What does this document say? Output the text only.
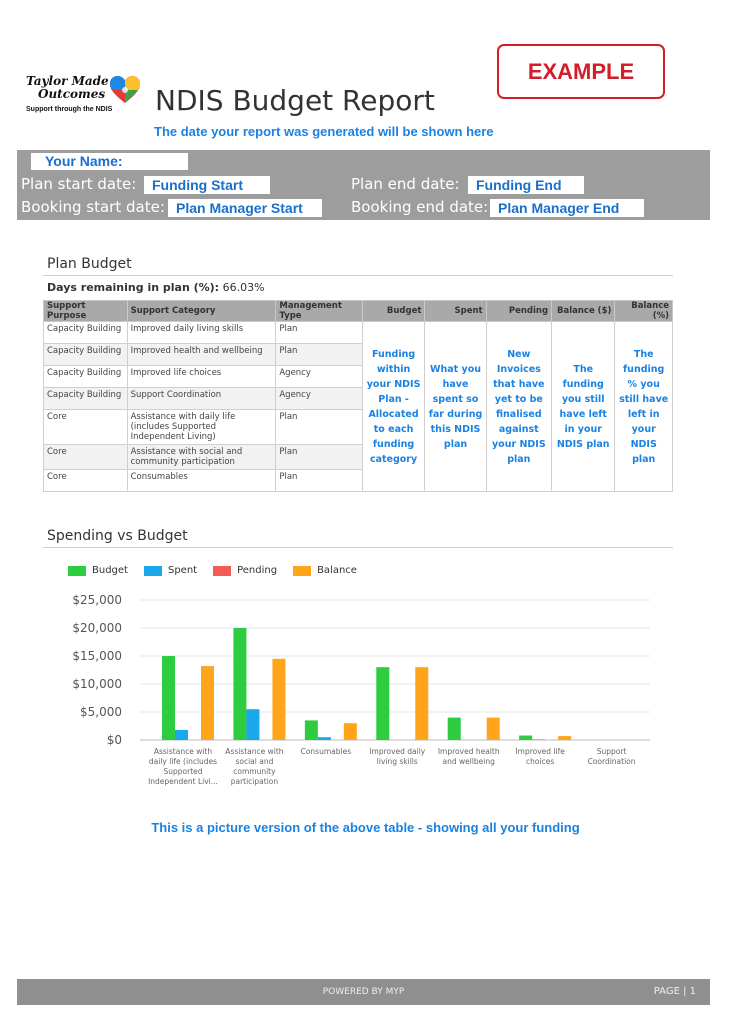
EXAMPLE
Taylor Made
Outcomes
Support through the NDIS NDIS Budget Report
The date your report was generated will be shown here
Your Name:
Plan start date:	Funding Start	Plan end date:	Funding End
Booking start date: Plan Manager Start	Booking end date: Plan Manager End
Plan Budget
Days remaining in plan (%): 66.03%
Support Purpose	Support Category	Management Type	Budget	Spent	Pending	Balance ($)	Balance (%)
Capacity Building	Improved daily living skills	Plan	Funding within your NDIS Plan - Allocated to each funding category	What you have spent so far during this NDIS plan	New Invoices that have yet to be finalised against your NDIS plan	The funding you still have left in your NDIS plan	The funding % you still have left in your NDIS plan
Capacity Building	Improved health and wellbeing	Plan					
Capacity Building	Improved life choices	Agency					
Capacity Building	Support Coordination	Agency					
Core	Assistance with daily life (includes Supported Independent Living)	Plan					
Core	Assistance with social and community participation	Plan					
Core	Consumables	Plan					
Spending vs Budget
Budget	Spent	Pending	Balance
$0
$5,000
$10,000
$15,000
$20,000
$25,000
Assistance with daily life (includes Supported Independent Livi...
Assistance with social and community participation
Consumables Improved daily living skills
Improved health and wellbeing
Improved life choices
Support Coordination
This is a picture version of the above table - showing all your funding
POWERED BY MYP	PAGE | 1
